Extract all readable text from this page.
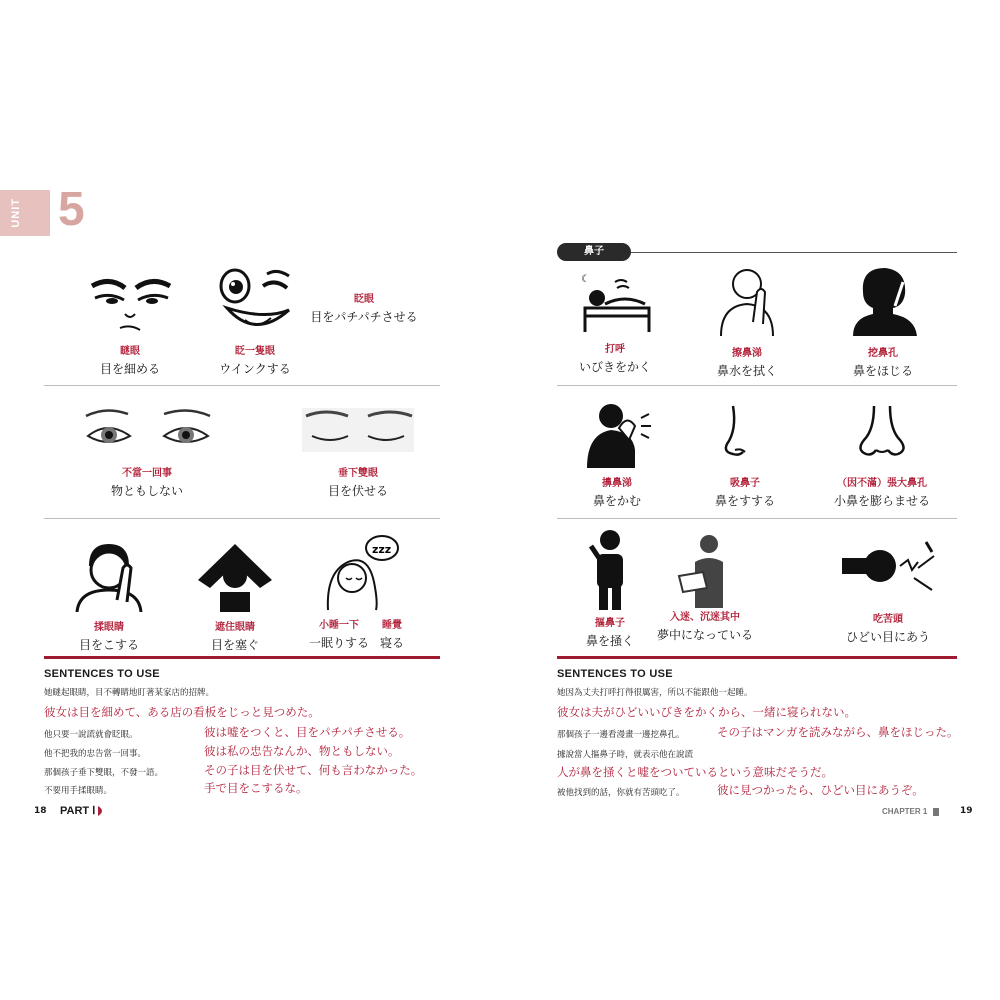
UNIT 5
瞇眼
目を細める
眨一隻眼
ウインクする
眨眼
目をパチパチさせる
不當一回事
物ともしない
垂下雙眼
目を伏せる
揉眼睛
目をこする
遮住眼睛
目を塞ぐ
zzz
小睡一下
一眠りする
睡覺
寝る
SENTENCES TO USE
她瞇起眼睛，目不轉睛地盯著某家店的招牌。
彼女は目を細めて、ある店の看板をじっと見つめた。
他只要一說謊就會眨眼。	彼は嘘をつくと、目をパチパチさせる。
他不把我的忠告當一回事。	彼は私の忠告なんか、物ともしない。
那個孩子垂下雙眼，不發一語。	その子は目を伏せて、何も言わなかった。
不要用手揉眼睛。	手で目をこするな。
18 PART Ⅰ
鼻子
☾
打呼
いびきをかく
擦鼻涕
鼻水を拭く
挖鼻孔
鼻をほじる
擤鼻涕
鼻をかむ
吸鼻子
鼻をすする
（因不滿）張大鼻孔
小鼻を膨らませる
摳鼻子
鼻を掻く
入迷、沉迷其中
夢中になっている
吃苦頭
ひどい目にあう
SENTENCES TO USE
她因為丈夫打呼打得很厲害，所以不能跟他一起睡。
彼女は夫がひどいいびきをかくから、一緒に寝られない。
那個孩子一邊看漫畫一邊挖鼻孔。	その子はマンガを読みながら、鼻をほじった。
據說當人摳鼻子時，就表示他在說謊
人が鼻を掻くと嘘をついているという意味だそうだ。
被他找到的話，你就有苦頭吃了。	彼に見つかったら、ひどい目にあうぞ。
CHAPTER 1	19
